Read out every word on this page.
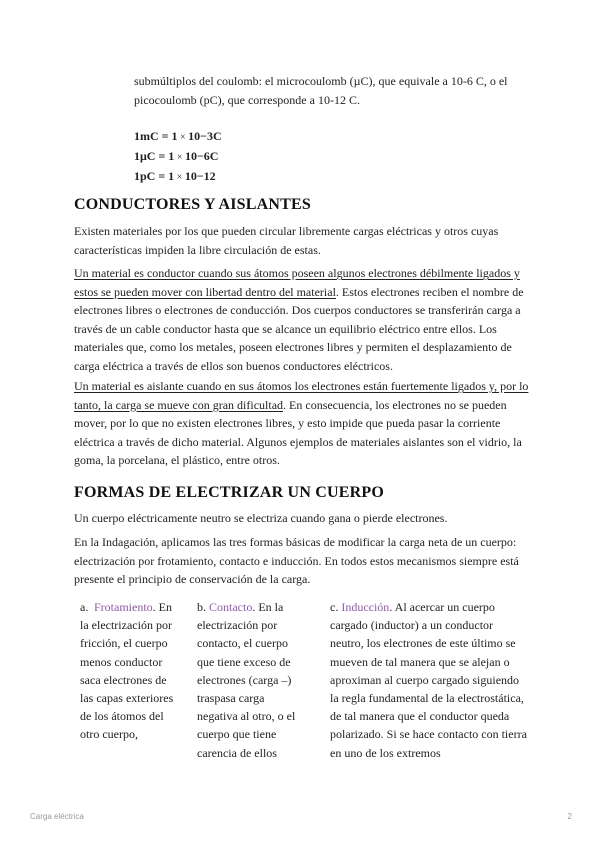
submúltiplos del coulomb: el microcoulomb (µC), que equivale a 10-6 C, o el picocoulomb (pC), que corresponde a 10-12 C.

1mC = 1 × 10−3C
1μC = 1 × 10−6C
1pC = 1 × 10−12
CONDUCTORES Y AISLANTES

Existen materiales por los que pueden circular libremente cargas eléctricas y otros cuyas características impiden la libre circulación de estas.

Un material es conductor cuando sus átomos poseen algunos electrones débilmente ligados y estos se pueden mover con libertad dentro del material. Estos electrones reciben el nombre de electrones libres o electrones de conducción. Dos cuerpos conductores se transferirán carga a través de un cable conductor hasta que se alcance un equilibrio eléctrico entre ellos. Los materiales que, como los metales, poseen electrones libres y permiten el desplazamiento de carga eléctrica a través de ellos son buenos conductores eléctricos.

Un material es aislante cuando en sus átomos los electrones están fuertemente ligados y, por lo tanto, la carga se mueve con gran dificultad. En consecuencia, los electrones no se pueden mover, por lo que no existen electrones libres, y esto impide que pueda pasar la corriente eléctrica a través de dicho material. Algunos ejemplos de materiales aislantes son el vidrio, la goma, la porcelana, el plástico, entre otros.

FORMAS DE ELECTRIZAR UN CUERPO

Un cuerpo eléctricamente neutro se electriza cuando gana o pierde electrones.

En la Indagación, aplicamos las tres formas básicas de modificar la carga neta de un cuerpo: electrización por frotamiento, contacto e inducción. En todos estos mecanismos siempre está presente el principio de conservación de la carga.

a. Frotamiento. En la electrización por fricción, el cuerpo menos conductor saca electrones de las capas exteriores de los átomos del otro cuerpo,
b. Contacto. En la electrización por contacto, el cuerpo que tiene exceso de electrones (carga –) traspasa carga negativa al otro, o el cuerpo que tiene carencia de ellos
c. Inducción. Al acercar un cuerpo cargado (inductor) a un conductor neutro, los electrones de este último se mueven de tal manera que se alejan o aproximan al cuerpo cargado siguiendo la regla fundamental de la electrostática, de tal manera que el conductor queda polarizado. Si se hace contacto con tierra en uno de los extremos
Carga eléctrica	2
